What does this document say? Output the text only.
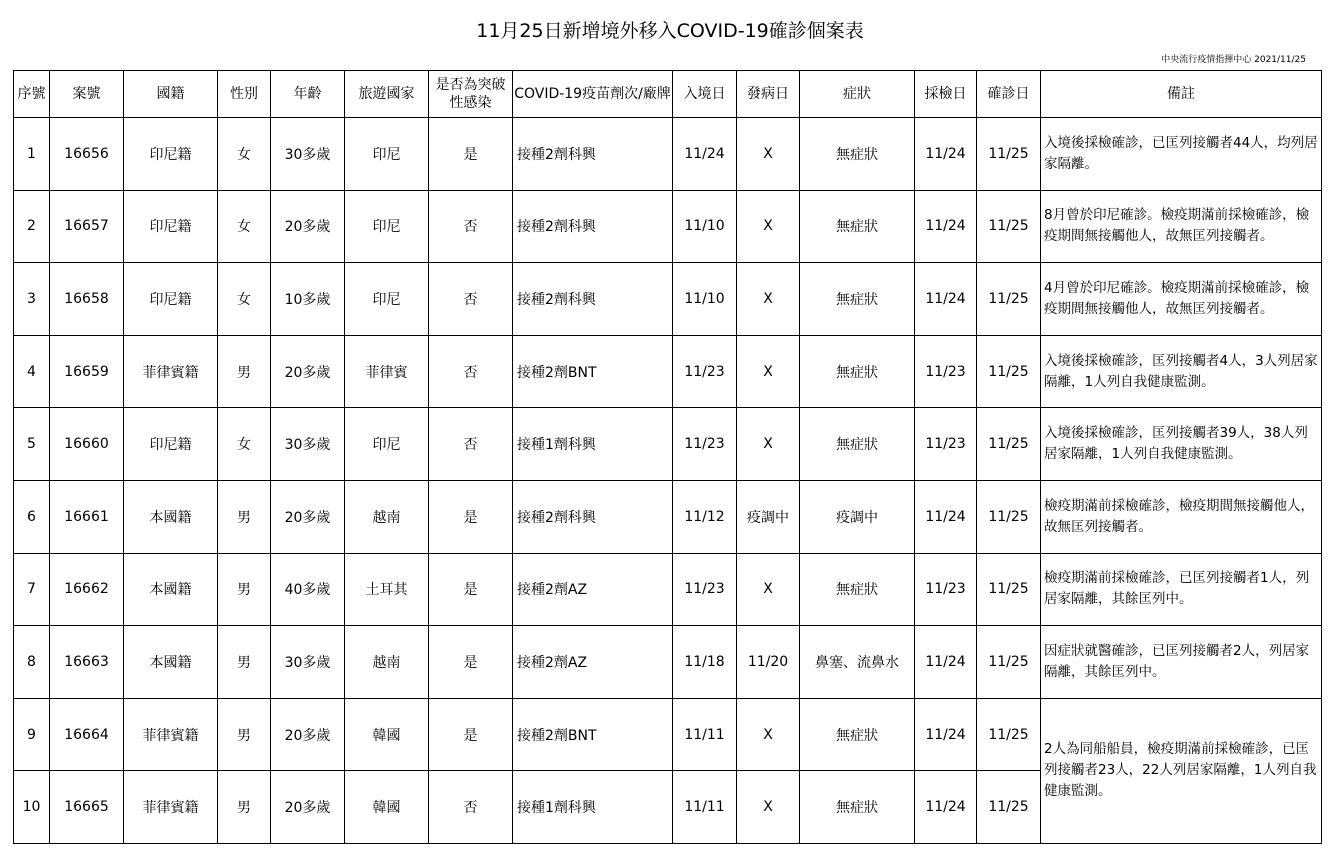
11月25日新增境外移入COVID-19確診個案表
中央流行疫情指揮中心 2021/11/25
序號	案號	國籍	性別	年齡	旅遊國家	是否為突破性感染	COVID-19疫苗劑次/廠牌	入境日	發病日	症狀	採檢日	確診日	備註
1	16656	印尼籍	女	30多歲	印尼	是	接種2劑科興	11/24	X	無症狀	11/24	11/25	入境後採檢確診，已匡列接觸者44人，均列居家隔離。
2	16657	印尼籍	女	20多歲	印尼	否	接種2劑科興	11/10	X	無症狀	11/24	11/25	8月曾於印尼確診。檢疫期滿前採檢確診，檢疫期間無接觸他人，故無匡列接觸者。
3	16658	印尼籍	女	10多歲	印尼	否	接種2劑科興	11/10	X	無症狀	11/24	11/25	4月曾於印尼確診。檢疫期滿前採檢確診，檢疫期間無接觸他人，故無匡列接觸者。
4	16659	菲律賓籍	男	20多歲	菲律賓	否	接種2劑BNT	11/23	X	無症狀	11/23	11/25	入境後採檢確診，匡列接觸者4人，3人列居家隔離，1人列自我健康監測。
5	16660	印尼籍	女	30多歲	印尼	否	接種1劑科興	11/23	X	無症狀	11/23	11/25	入境後採檢確診，匡列接觸者39人，38人列居家隔離，1人列自我健康監測。
6	16661	本國籍	男	20多歲	越南	是	接種2劑科興	11/12	疫調中	疫調中	11/24	11/25	檢疫期滿前採檢確診，檢疫期間無接觸他人，故無匡列接觸者。
7	16662	本國籍	男	40多歲	土耳其	是	接種2劑AZ	11/23	X	無症狀	11/23	11/25	檢疫期滿前採檢確診，已匡列接觸者1人，列居家隔離，其餘匡列中。
8	16663	本國籍	男	30多歲	越南	是	接種2劑AZ	11/18	11/20	鼻塞、流鼻水	11/24	11/25	因症狀就醫確診，已匡列接觸者2人，列居家隔離，其餘匡列中。
9	16664	菲律賓籍	男	20多歲	韓國	是	接種2劑BNT	11/11	X	無症狀	11/24	11/25	2人為同船船員，檢疫期滿前採檢確診，已匡列接觸者23人，22人列居家隔離，1人列自我健康監測。
10	16665	菲律賓籍	男	20多歲	韓國	否	接種1劑科興	11/11	X	無症狀	11/24	11/25	
